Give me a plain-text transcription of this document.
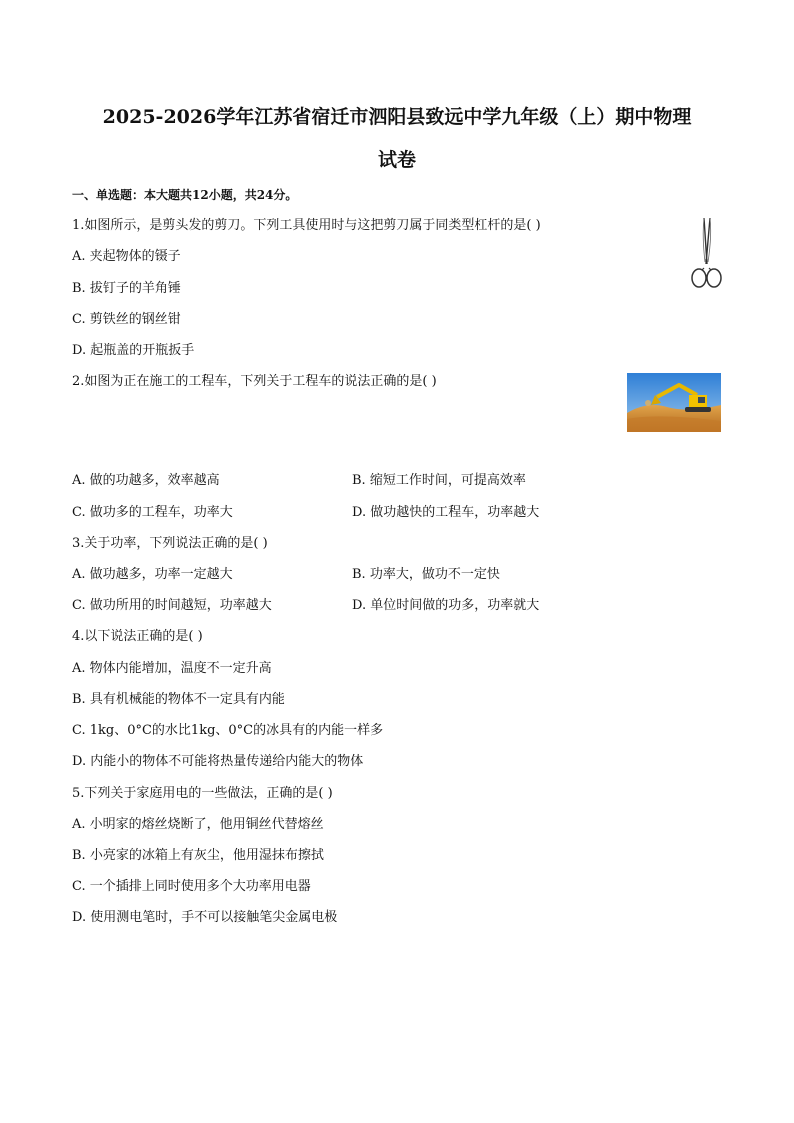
2025-2026学年江苏省宿迁市泗阳县致远中学九年级（上）期中物理
试卷
一、单选题：本大题共12小题，共24分。
1.如图所示，是剪头发的剪刀。下列工具使用时与这把剪刀属于同类型杠杆的是( )
A. 夹起物体的镊子
B. 拔钉子的羊角锤
C. 剪铁丝的钢丝钳
D. 起瓶盖的开瓶扳手
2.如图为正在施工的工程车，下列关于工程车的说法正确的是( )
A. 做的功越多，效率越高	B. 缩短工作时间，可提高效率
C. 做功多的工程车，功率大	D. 做功越快的工程车，功率越大
3.关于功率，下列说法正确的是( )
A. 做功越多，功率一定越大	B. 功率大，做功不一定快
C. 做功所用的时间越短，功率越大	D. 单位时间做的功多，功率就大
4.以下说法正确的是( )
A. 物体内能增加，温度不一定升高
B. 具有机械能的物体不一定具有内能
C. 1kg、0°C的水比1kg、0°C的冰具有的内能一样多
D. 内能小的物体不可能将热量传递给内能大的物体
5.下列关于家庭用电的一些做法，正确的是( )
A. 小明家的熔丝烧断了，他用铜丝代替熔丝
B. 小亮家的冰箱上有灰尘，他用湿抹布擦拭
C. 一个插排上同时使用多个大功率用电器
D. 使用测电笔时，手不可以接触笔尖金属电极
